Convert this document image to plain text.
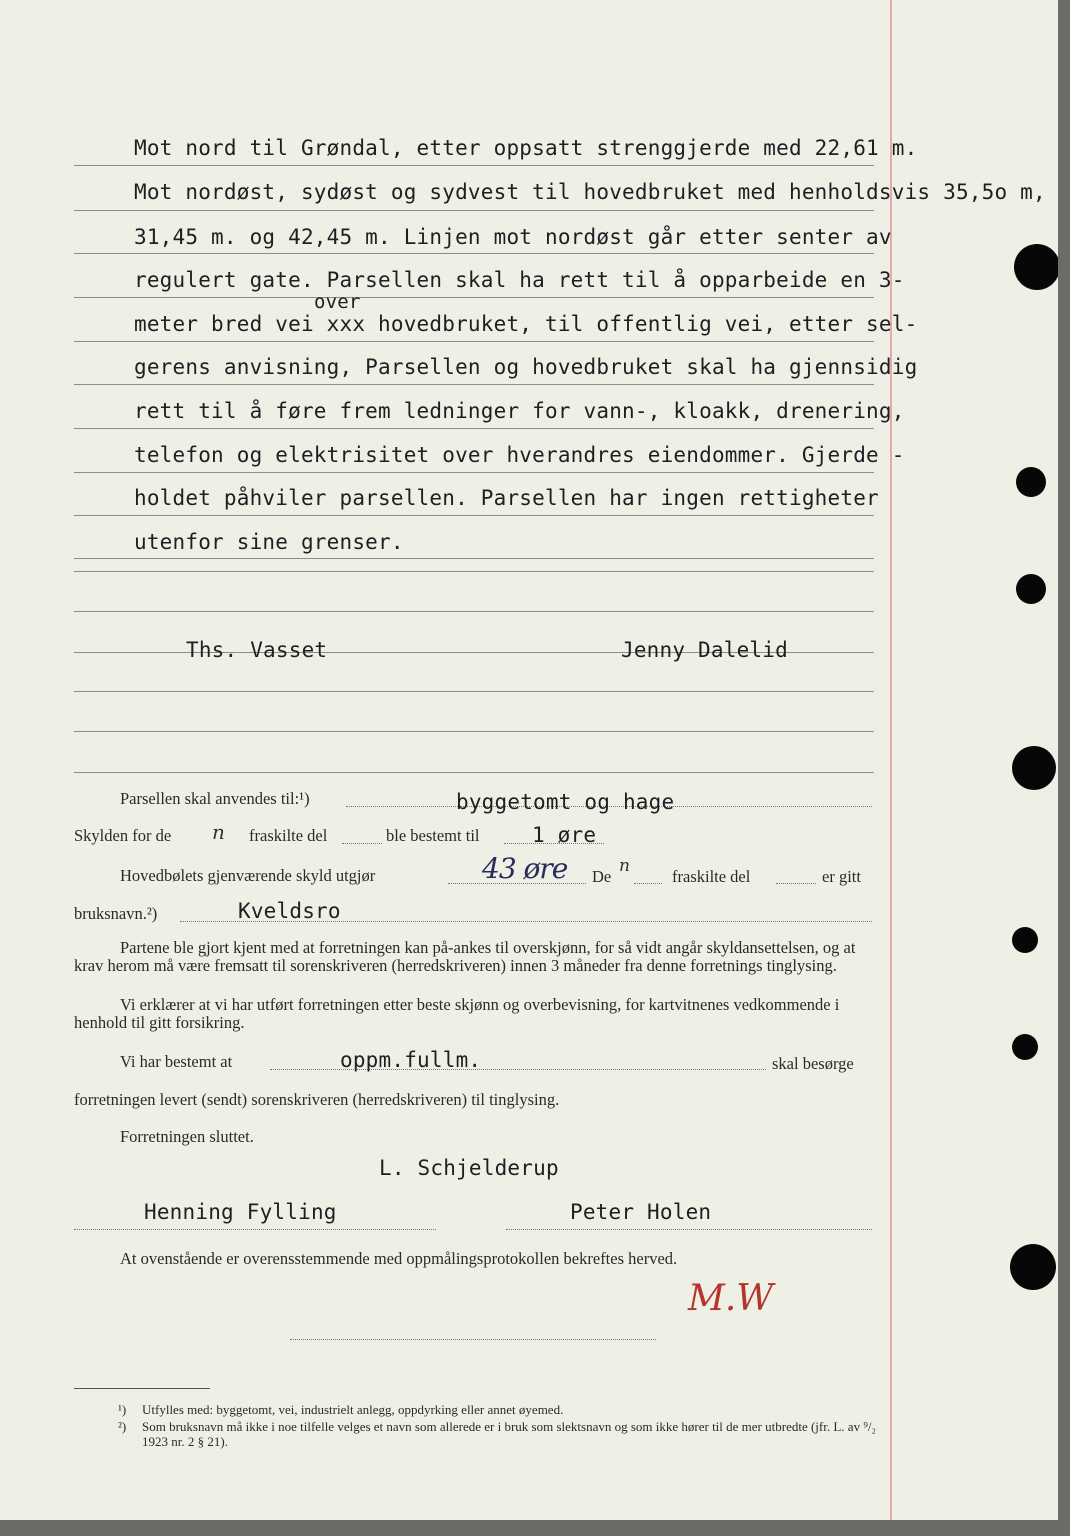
Mot nord til Grøndal, etter oppsatt strenggjerde med 22,61 m.
Mot nordøst, sydøst og sydvest til hovedbruket med henholdsvis 35,5o m,
31,45 m. og 42,45 m. Linjen mot nordøst går etter senter av
regulert gate. Parsellen skal ha rett til å opparbeide en 3-
over
meter bred vei xxx hovedbruket, til offentlig vei, etter sel-
gerens anvisning, Parsellen og hovedbruket skal ha gjennsidig
rett til å føre frem ledninger for vann-, kloakk, drenering,
telefon og elektrisitet over hverandres eiendommer. Gjerde -
holdet påhviler parsellen. Parsellen har ingen rettigheter
utenfor sine grenser.
Ths. Vasset	Jenny Dalelid
Parsellen skal anvendes til:¹)	byggetomt og hage
Skylden for de n fraskilte del	ble bestemt til	1 øre
Hovedbølets gjenværende skyld utgjør	43 øre De
n
fraskilte del	er gitt
bruksnavn.²)	Kveldsro
Partene ble gjort kjent med at forretningen kan på-ankes til overskjønn, for så vidt angår skyldansettelsen, og at krav herom må være fremsatt til sorenskriveren (herredskriveren) innen 3 måneder fra denne forretnings tinglysing.
Vi erklærer at vi har utført forretningen etter beste skjønn og overbevisning, for kartvitnenes vedkommende i henhold til gitt forsikring.
Vi har bestemt at	oppm.fullm.	skal besørge
forretningen levert (sendt) sorenskriveren (herredskriveren) til tinglysing.
Forretningen sluttet.
L. Schjelderup
Henning Fylling	Peter Holen
At ovenstående er overensstemmende med oppmålingsprotokollen bekreftes herved.
M.W
¹) Utfylles med: byggetomt, vei, industrielt anlegg, oppdyrking eller annet øyemed.
²)	Som bruksnavn må ikke i noe tilfelle velges et navn som allerede er i bruk som slektsnavn og som ikke hører til de mer utbredte (jfr. L. av ⁹/₂ 1923 nr. 2 § 21).
